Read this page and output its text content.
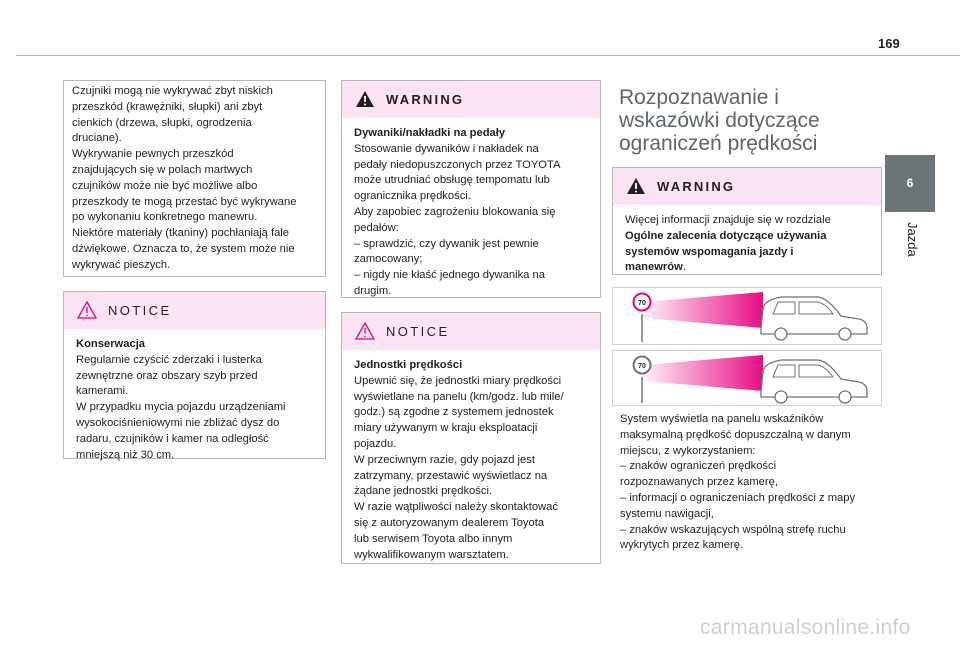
169
6
Jazda
Czujniki mogą nie wykrywać zbyt niskich
przeszkód (krawężniki, słupki) ani zbyt
cienkich (drzewa, słupki, ogrodzenia
druciane).
Wykrywanie pewnych przeszkód
znajdujących się w polach martwych
czujników może nie być możliwe albo
przeszkody te mogą przestać być wykrywane
po wykonaniu konkretnego manewru.
Niektóre materiały (tkaniny) pochłaniają fale
dźwiękowe. Oznacza to, że system może nie
wykrywać pieszych.
NOTICE
Konserwacja
Regularnie czyścić zderzaki i lusterka
zewnętrzne oraz obszary szyb przed
kamerami.
W przypadku mycia pojazdu urządzeniami
wysokociśnieniowymi nie zbliżać dysz do
radaru, czujników i kamer na odległość
mniejszą niż 30 cm.
WARNING
Dywaniki/nakładki na pedały
Stosowanie dywaników i nakładek na
pedały niedopuszczonych przez TOYOTA
może utrudniać obsługę tempomatu lub
ogranicznika prędkości.
Aby zapobiec zagrożeniu blokowania się
pedałów:
– sprawdzić, czy dywanik jest pewnie
zamocowany;
– nigdy nie kłaść jednego dywanika na
drugim.
NOTICE
Jednostki prędkości
Upewnić się, że jednostki miary prędkości
wyświetlane na panelu (km/godz. lub mile/
godz.) są zgodne z systemem jednostek
miary używanym w kraju eksploatacji
pojazdu.
W przeciwnym razie, gdy pojazd jest
zatrzymany, przestawić wyświetlacz na
żądane jednostki prędkości.
W razie wątpliwości należy skontaktować
się z autoryzowanym dealerem Toyota
lub serwisem Toyota albo innym
wykwalifikowanym warsztatem.
Rozpoznawanie i
wskazówki dotyczące
ograniczeń prędkości
WARNING
Więcej informacji znajduje się w rozdziale
Ogólne zalecenia dotyczące używania
systemów wspomagania jazdy i
manewrów.
70
70
System wyświetla na panelu wskaźników
maksymalną prędkość dopuszczalną w danym
miejscu, z wykorzystaniem:
– znaków ograniczeń prędkości
rozpoznawanych przez kamerę,
– informacji o ograniczeniach prędkości z mapy
systemu nawigacji,
– znaków wskazujących wspólną strefę ruchu
wykrytych przez kamerę.
carmanualsonline.info
